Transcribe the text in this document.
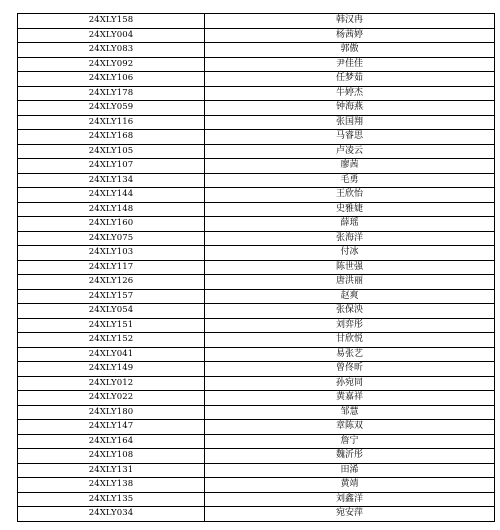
24XLY158	韩汉冉
24XLY004	杨茜婷
24XLY083	郭傲
24XLY092	尹佳佳
24XLY106	任梦茹
24XLY178	牛婷杰
24XLY059	钟海燕
24XLY116	张国翔
24XLY168	马睿思
24XLY105	卢凌云
24XLY107	廖茜
24XLY134	毛勇
24XLY144	王欣怡
24XLY148	史雅婕
24XLY160	薛瑶
24XLY075	张海洋
24XLY103	付冰
24XLY117	陈世强
24XLY126	唐洪丽
24XLY157	赵爽
24XLY054	张保泱
24XLY151	刘弈彤
24XLY152	甘欣悦
24XLY041	易张艺
24XLY149	曾佟昕
24XLY012	孙宛同
24XLY022	黄嘉祥
24XLY180	邹慧
24XLY147	章陈双
24XLY164	詹宁
24XLY108	魏沂彤
24XLY131	田浠
24XLY138	黄靖
24XLY135	刘鑫洋
24XLY034	宛安萍
